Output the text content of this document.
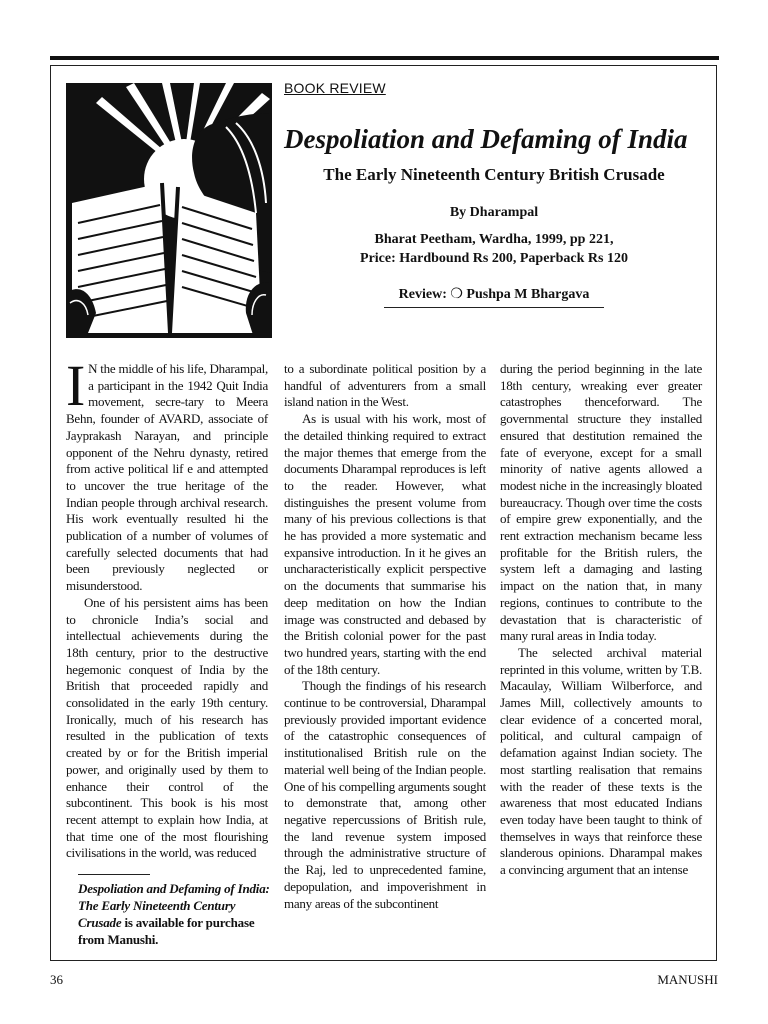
BOOK REVIEW
Despoliation and Defaming of India
The Early Nineteenth Century British Crusade
By Dharampal
Bharat Peetham, Wardha, 1999, pp 221,
Price: Hardbound Rs 200, Paperback Rs 120
Review: ❍ Pushpa M Bhargava

I N the middle of his life, Dharampal, a participant in the 1942 Quit India movement, secre-tary to Meera Behn, founder of AVARD, associate of Jayprakash Narayan, and principle opponent of the Nehru dynasty, retired from active political lif e and attempted to uncover the true heritage of the Indian people through archival research. His work eventually resulted hi the publication of a number of volumes of carefully selected documents that had been previously neglected or misunderstood.

One of his persistent aims has been to chronicle India’s social and intellectual achievements during the 18th century, prior to the destructive hegemonic conquest of India by the British that proceeded rapidly and consolidated in the early 19th century. Ironically, much of his research has resulted in the publication of texts created by or for the British imperial power, and originally used by them to enhance their control of the subcontinent. This book is his most recent attempt to explain how India, at that time one of the most flourishing civilisations in the world, was reduced

to a subordinate political position by a handful of adventurers from a small island nation in the West.

As is usual with his work, most of the detailed thinking required to extract the major themes that emerge from the documents Dharampal reproduces is left to the reader. However, what distinguishes the present volume from many of his previous collections is that he has provided a more systematic and expansive introduction. In it he gives an uncharacteristically explicit perspective on the documents that summarise his deep meditation on how the Indian image was constructed and debased by the British colonial power for the past two hundred years, starting with the end of the 18th century.

Though the findings of his research continue to be controversial, Dharampal previously provided important evidence of the catastrophic consequences of institutionalised British rule on the material well being of the Indian people. One of his compelling arguments sought to demonstrate that, among other negative repercussions of British rule, the land revenue system imposed through the administrative structure of the Raj, led to unprecedented famine, depopulation, and impoverishment in many areas of the subcontinent

during the period beginning in the late 18th century, wreaking ever greater catastrophes thenceforward. The governmental structure they installed ensured that destitution remained the fate of everyone, except for a small minority of native agents allowed a modest niche in the increasingly bloated bureaucracy. Though over time the costs of empire grew exponentially, and the rent extraction mechanism became less profitable for the British rulers, the system left a damaging and lasting impact on the nation that, in many regions, continues to contribute to the devastation that is characteristic of many rural areas in India today.

The selected archival material reprinted in this volume, written by T.B. Macaulay, William Wilberforce, and James Mill, collectively amounts to clear evidence of a concerted moral, political, and cultural campaign of defamation against Indian society. The most startling realisation that remains with the reader of these texts is the awareness that most educated Indians even today have been taught to think of themselves in ways that reinforce these slanderous opinions. Dharampal makes a convincing argument that an intense

Despoliation and Defaming of India: The Early Nineteenth Century Crusade is available for purchase from Manushi.
36	MANUSHI
